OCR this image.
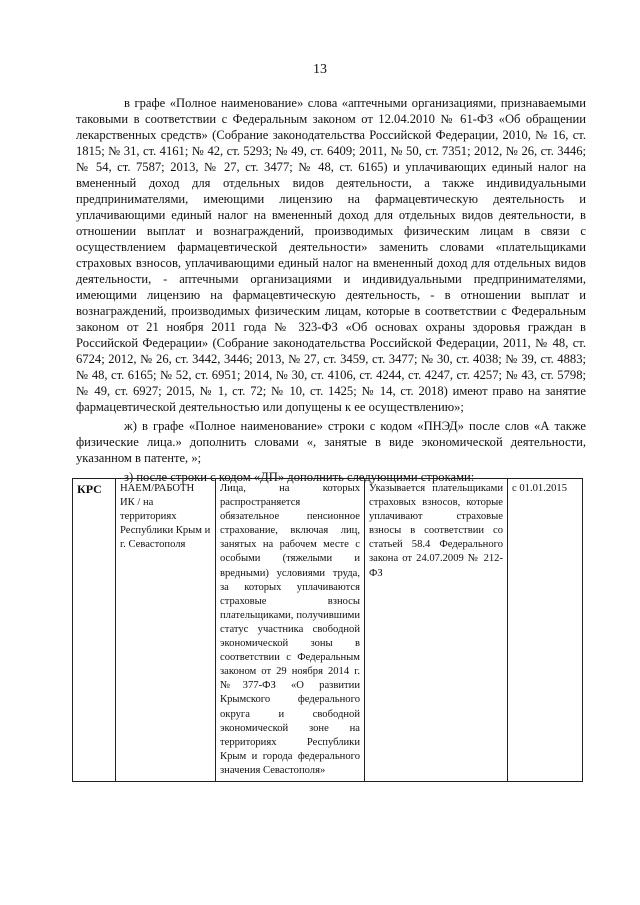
13

в графе «Полное наименование» слова «аптечными организациями, признаваемыми таковыми в соответствии с Федеральным законом от 12.04.2010 № 61-ФЗ «Об обращении лекарственных средств» (Собрание законодательства Российской Федерации, 2010, № 16, ст. 1815; № 31, ст. 4161; № 42, ст. 5293; № 49, ст. 6409; 2011, № 50, ст. 7351; 2012, № 26, ст. 3446; № 54, ст. 7587; 2013, № 27, ст. 3477; № 48, ст. 6165) и уплачивающих единый налог на вмененный доход для отдельных видов деятельности, а также индивидуальными предпринимателями, имеющими лицензию на фармацевтическую деятельность и уплачивающими единый налог на вмененный доход для отдельных видов деятельности, в отношении выплат и вознаграждений, производимых физическим лицам в связи с осуществлением фармацевтической деятельности» заменить словами «плательщиками страховых взносов, уплачивающими единый налог на вмененный доход для отдельных видов деятельности, - аптечными организациями и индивидуальными предпринимателями, имеющими лицензию на фармацевтическую деятельность, - в отношении выплат и вознаграждений, производимых физическим лицам, которые в соответствии с Федеральным законом от 21 ноября 2011 года № 323-ФЗ «Об основах охраны здоровья граждан в Российской Федерации» (Собрание законодательства Российской Федерации, 2011, № 48, ст. 6724; 2012, № 26, ст. 3442, 3446; 2013, № 27, ст. 3459, ст. 3477; № 30, ст. 4038; № 39, ст. 4883; № 48, ст. 6165; № 52, ст. 6951; 2014, № 30, ст. 4106, ст. 4244, ст. 4247, ст. 4257; № 43, ст. 5798; № 49, ст. 6927; 2015, № 1, ст. 72; № 10, ст. 1425; № 14, ст. 2018) имеют право на занятие фармацевтической деятельностью или допущены к ее осуществлению»;

ж) в графе «Полное наименование» строки с кодом «ПНЭД» после слов «А также физические лица.» дополнить словами «, занятые в виде экономической деятельности, указанном в патенте, »;

з) после строки с кодом «ДП» дополнить следующими строками:

КРС	НАЕМ/РАБОТН ИК / на территориях Республики Крым и г. Севастополя	Лица, на которых распространяется обязательное пенсионное страхование, включая лиц, занятых на рабочем месте с особыми (тяжелыми и вредными) условиями труда, за которых уплачиваются страховые взносы плательщиками, получившими статус участника свободной экономической зоны в соответствии с Федеральным законом от 29 ноября 2014 г. №377-ФЗ «О развитии Крымского федерального округа и свободной экономической зоне на территориях Республики Крым и города федерального значения Севастополя»	Указывается плательщиками страховых взносов, которые уплачивают страховые взносы в соответствии со статьей 58.4 Федерального закона от 24.07.2009 № 212-ФЗ	с 01.01.2015
